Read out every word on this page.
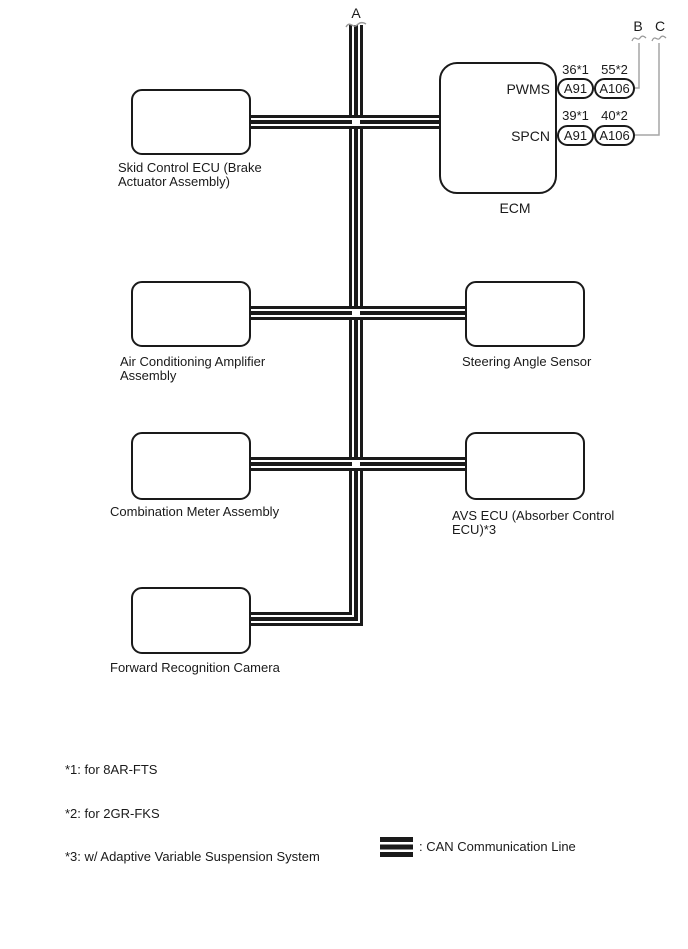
A
B C
PWMS
SPCN
36*1 55*2
39*1 40*2
A91 A106
A91 A106
Skid Control ECU (Brake Actuator Assembly)
ECM
Air Conditioning Amplifier Assembly
Steering Angle Sensor
Combination Meter Assembly	AVS ECU (Absorber Control ECU)*3
Forward Recognition Camera
*1: for 8AR-FTS
*2: for 2GR-FKS
*3: w/ Adaptive Variable Suspension System
: CAN Communication Line
